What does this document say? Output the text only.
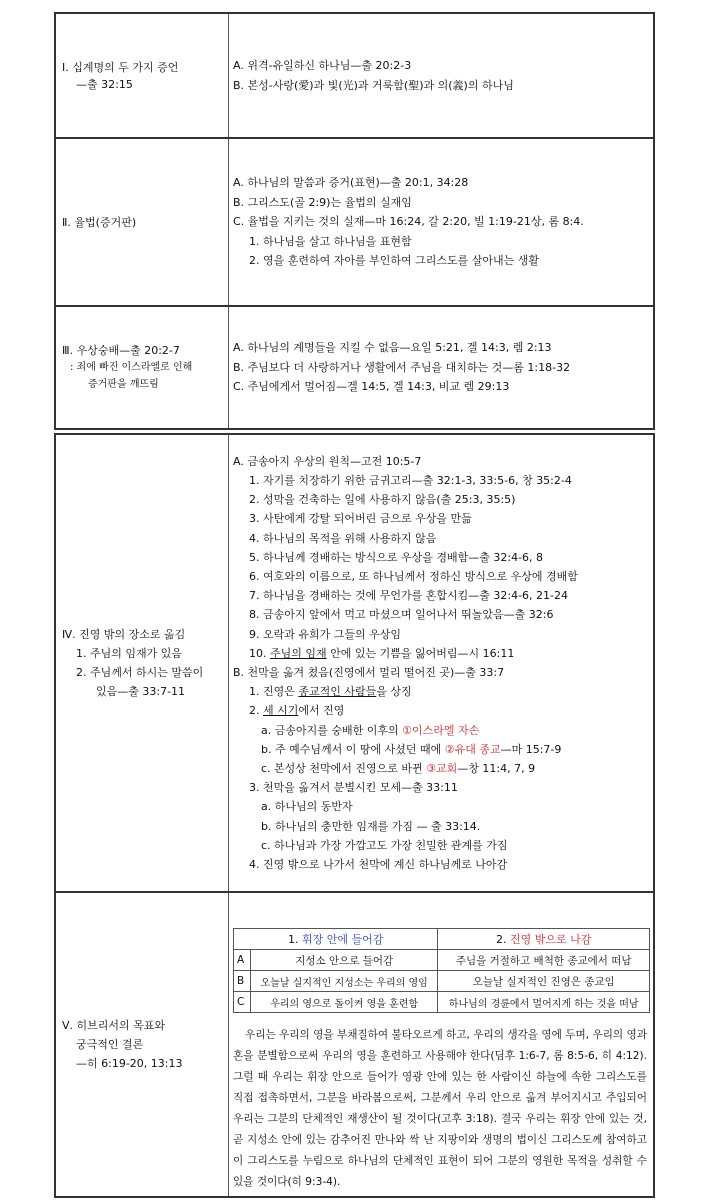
Ⅰ. 십계명의 두 가지 증언
—출 32:15
A. 위격-유일하신 하나님—출 20:2-3
B. 본성-사랑(愛)과 빛(光)과 거룩함(聖)과 의(義)의 하나님
Ⅱ. 율법(증거판)
A. 하나님의 말씀과 증거(표현)—출 20:1, 34:28
B. 그리스도(골 2:9)는 율법의 실재임
C. 율법을 지키는 것의 실재—마 16:24, 갈 2:20, 빌 1:19-21상, 롬 8:4.
1. 하나님을 살고 하나님을 표현함
2. 영을 훈련하여 자아를 부인하여 그리스도를 살아내는 생활
Ⅲ. 우상숭배—출 20:2-7
: 죄에 빠진 이스라엘로 인해
증거판을 깨뜨림
A. 하나님의 계명들을 지킬 수 없음—요일 5:21, 겔 14:3, 렘 2:13
B. 주님보다 더 사랑하거나 생활에서 주님을 대치하는 것—롬 1:18-32
C. 주님에게서 멀어짐—겔 14:5, 겔 14:3, 비교 렘 29:13
Ⅳ. 진영 밖의 장소로 옮김
1. 주님의 임재가 있음
2. 주님께서 하시는 말씀이
있음—출 33:7-11
A. 금송아지 우상의 원칙—고전 10:5-7
1. 자기를 치장하기 위한 금귀고리—출 32:1-3, 33:5-6, 창 35:2-4
2. 성막을 건축하는 일에 사용하지 않음(출 25:3, 35:5)
3. 사탄에게 강탈 되어버린 금으로 우상을 만듦
4. 하나님의 목적을 위해 사용하지 않음
5. 하나님께 경배하는 방식으로 우상을 경배함—출 32:4-6, 8
6. 여호와의 이름으로, 또 하나님께서 정하신 방식으로 우상에 경배함
7. 하나님을 경배하는 것에 무언가를 혼합시킴—출 32:4-6, 21-24
8. 금송아지 앞에서 먹고 마셨으며 일어나서 뛰놀았음—출 32:6
9. 오락과 유희가 그들의 우상임
10. 주님의 임재 안에 있는 기쁨을 잃어버림—시 16:11
B. 천막을 옮겨 쳤음(진영에서 멀리 떨어진 곳)—출 33:7
1. 진영은 종교적인 사람들을 상징
2. 세 시기에서 진영
a. 금송아지를 숭배한 이후의 ①이스라엘 자손
b. 주 예수님께서 이 땅에 사셨던 때에 ②유대 종교—마 15:7-9
c. 본성상 천막에서 진영으로 바뀐 ③교회—창 11:4, 7, 9
3. 천막을 옮겨서 분별시킨 모세—출 33:11
a. 하나님의 동반자
b. 하나님의 충만한 임재를 가짐 — 출 33:14.
c. 하나님과 가장 가깝고도 가장 친밀한 관계를 가짐
4. 진영 밖으로 나가서 천막에 계신 하나님께로 나아감
Ⅴ. 히브리서의 목표와
궁극적인 결론
—히 6:19-20, 13:13
1. 휘장 안에 들어감		2. 진영 밖으로 나감
A	지성소 안으로 들어감	주님을 거절하고 배척한 종교에서 떠남
B	오늘날 실지적인 지성소는 우리의 영임	오늘날 실지적인 진영은 종교임
C	우리의 영으로 돌이켜 영을 훈련함	하나님의 경륜에서 멀어지게 하는 것을 떠남

우리는 우리의 영을 부채질하여 불타오르게 하고, 우리의 생각을 영에 두며, 우리의 영과 혼을 분별함으로써 우리의 영을 훈련하고 사용해야 한다(딤후 1:6-7, 롬 8:5-6, 히 4:12). 그럴 때 우리는 휘장 안으로 들어가 영광 안에 있는 한 사람이신 하늘에 속한 그리스도를 직접 접촉하면서, 그분을 바라봄으로써, 그분께서 우리 안으로 옮겨 부어지시고 주입되어 우리는 그분의 단체적인 재생산이 될 것이다(고후 3:18). 결국 우리는 휘장 안에 있는 것, 곧 지성소 안에 있는 감추어진 만나와 싹 난 지팡이와 생명의 법이신 그리스도께 참여하고 이 그리스도를 누림으로 하나님의 단체적인 표현이 되어 그분의 영원한 목적을 성취할 수 있을 것이다(히 9:3-4).
